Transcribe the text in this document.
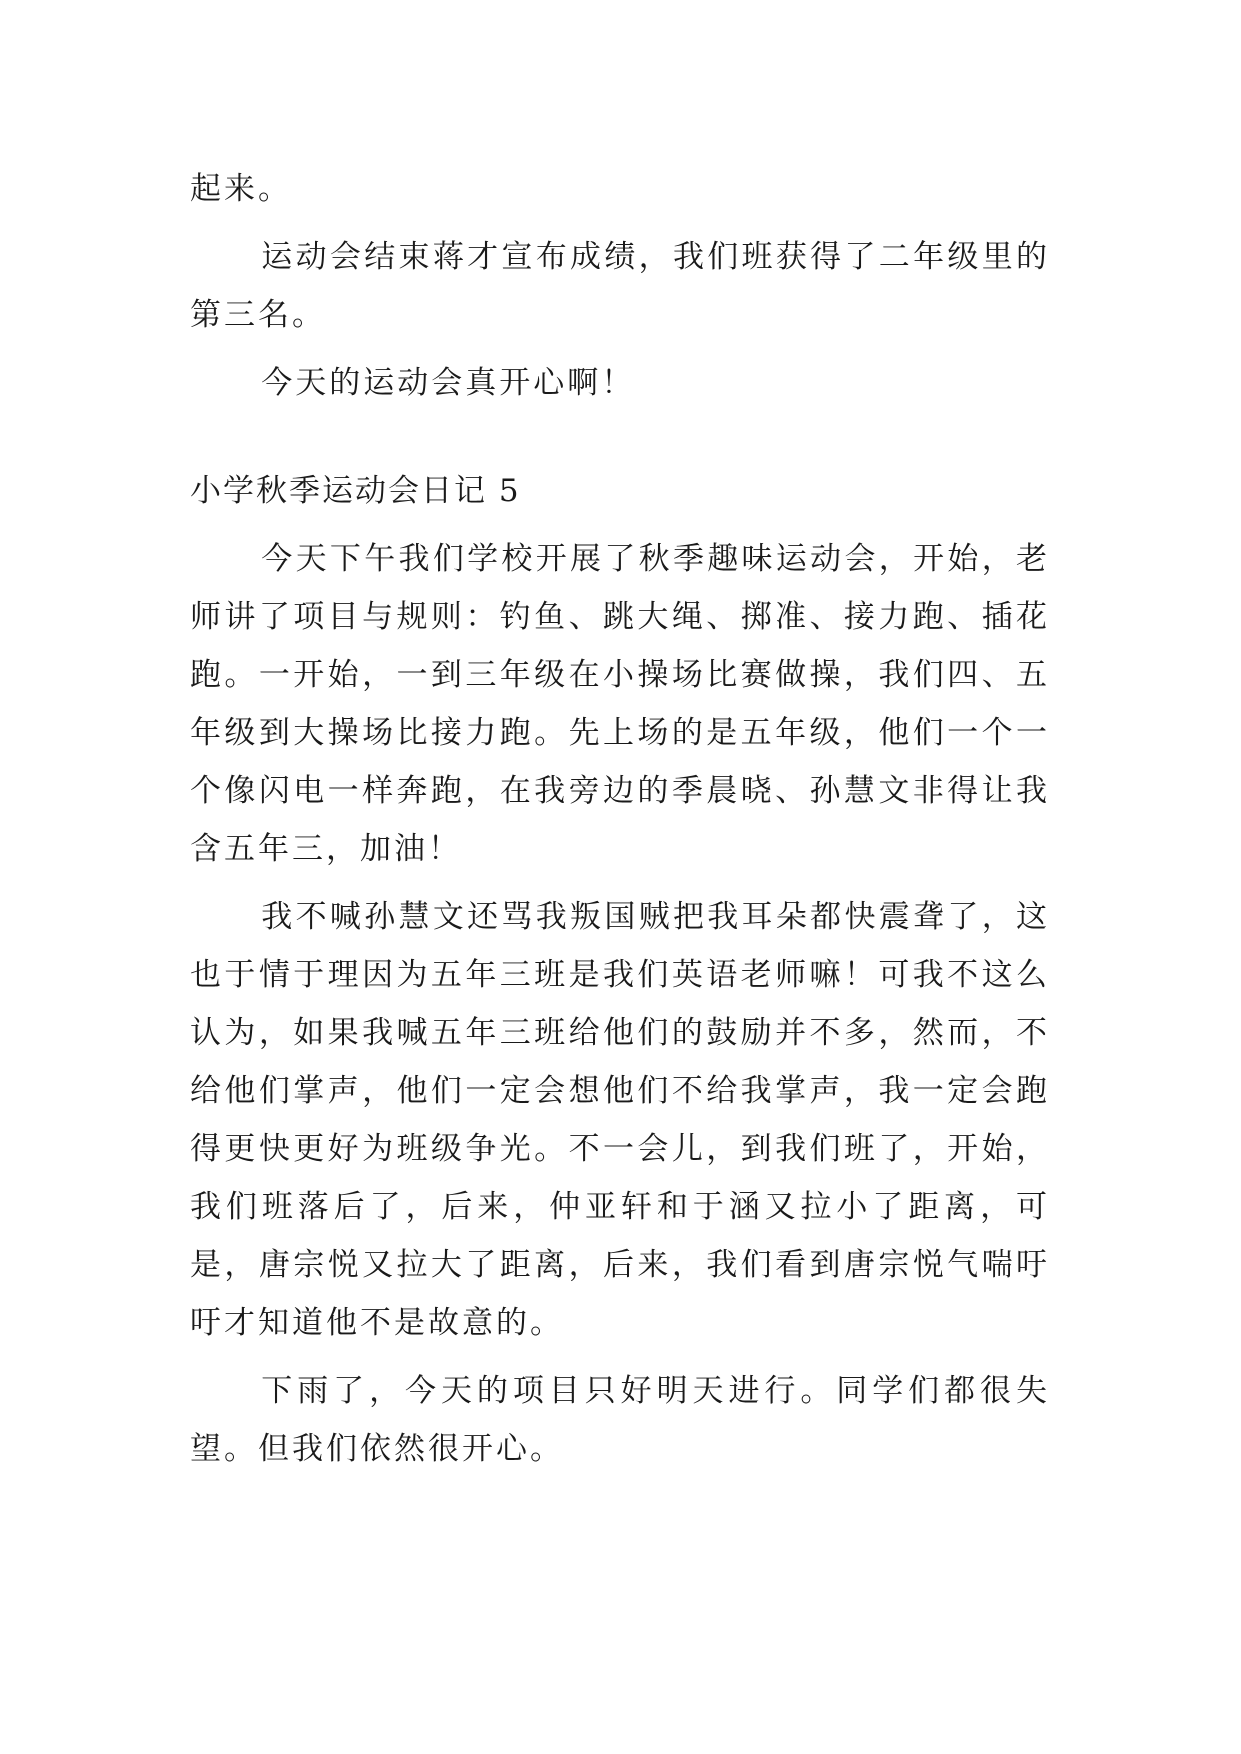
起来。

运动会结束蒋才宣布成绩，我们班获得了二年级里的第三名。

今天的运动会真开心啊！

小学秋季运动会日记 5

今天下午我们学校开展了秋季趣味运动会，开始，老师讲了项目与规则：钓鱼、跳大绳、掷准、接力跑、插花跑。一开始，一到三年级在小操场比赛做操，我们四、五年级到大操场比接力跑。先上场的是五年级，他们一个一个像闪电一样奔跑，在我旁边的季晨晓、孙慧文非得让我含五年三，加油！

我不喊孙慧文还骂我叛国贼把我耳朵都快震聋了，这也于情于理因为五年三班是我们英语老师嘛！可我不这么认为，如果我喊五年三班给他们的鼓励并不多，然而，不给他们掌声，他们一定会想他们不给我掌声，我一定会跑得更快更好为班级争光。不一会儿，到我们班了，开始，我们班落后了，后来，仲亚轩和于涵又拉小了距离，可是，唐宗悦又拉大了距离，后来，我们看到唐宗悦气喘吁吁才知道他不是故意的。

下雨了，今天的项目只好明天进行。同学们都很失望。但我们依然很开心。
